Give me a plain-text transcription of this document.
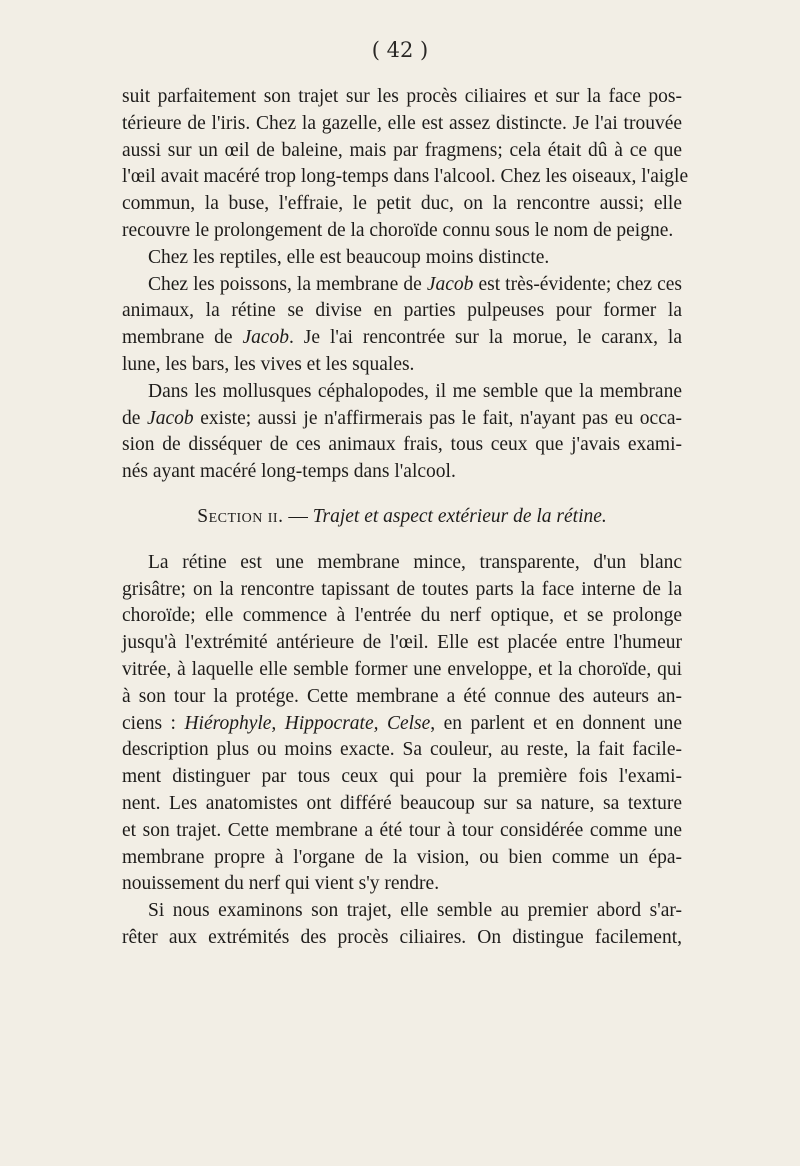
( 42 )
suit parfaitement son trajet sur les procès ciliaires et sur la face pos-
térieure de l'iris. Chez la gazelle, elle est assez distincte. Je l'ai trouvée
aussi sur un œil de baleine, mais par fragmens; cela était dû à ce que
l'œil avait macéré trop long-temps dans l'alcool. Chez les oiseaux, l'aigle
commun, la buse, l'effraie, le petit duc, on la rencontre aussi; elle
recouvre le prolongement de la choroïde connu sous le nom de peigne.
Chez les reptiles, elle est beaucoup moins distincte.
Chez les poissons, la membrane de Jacob est très-évidente; chez ces
animaux, la rétine se divise en parties pulpeuses pour former la
membrane de Jacob. Je l'ai rencontrée sur la morue, le caranx, la
lune, les bars, les vives et les squales.
Dans les mollusques céphalopodes, il me semble que la membrane
de Jacob existe; aussi je n'affirmerais pas le fait, n'ayant pas eu occa-
sion de disséquer de ces animaux frais, tous ceux que j'avais exami-
nés ayant macéré long-temps dans l'alcool.
Section ii. — Trajet et aspect extérieur de la rétine.
La rétine est une membrane mince, transparente, d'un blanc
grisâtre; on la rencontre tapissant de toutes parts la face interne de la
choroïde; elle commence à l'entrée du nerf optique, et se prolonge
jusqu'à l'extrémité antérieure de l'œil. Elle est placée entre l'humeur
vitrée, à laquelle elle semble former une enveloppe, et la choroïde, qui
à son tour la protége. Cette membrane a été connue des auteurs an-
ciens : Hiérophyle, Hippocrate, Celse, en parlent et en donnent une
description plus ou moins exacte. Sa couleur, au reste, la fait facile-
ment distinguer par tous ceux qui pour la première fois l'exami-
nent. Les anatomistes ont différé beaucoup sur sa nature, sa texture
et son trajet. Cette membrane a été tour à tour considérée comme une
membrane propre à l'organe de la vision, ou bien comme un épa-
nouissement du nerf qui vient s'y rendre.
Si nous examinons son trajet, elle semble au premier abord s'ar-
rêter aux extrémités des procès ciliaires. On distingue facilement,
